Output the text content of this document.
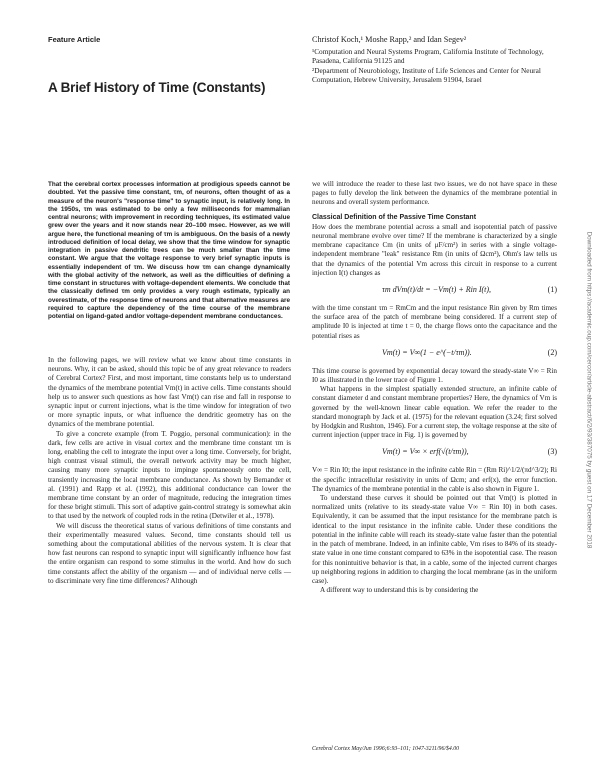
Feature Article
A Brief History of Time (Constants)
Christof Koch,¹ Moshe Rapp,² and Idan Segev²
¹Computation and Neural Systems Program, California Institute of Technology, Pasadena, California 91125 and
²Department of Neurobiology, Institute of Life Sciences and Center for Neural Computation, Hebrew University, Jerusalem 91904, Israel
That the cerebral cortex processes information at prodigious speeds cannot be doubted. Yet the passive time constant, τm, of neurons, often thought of as a measure of the neuron's "response time" to synaptic input, is relatively long. In the 1950s, τm was estimated to be only a few milliseconds for mammalian central neurons; with improvement in recording techniques, its estimated value grew over the years and it now stands near 20–100 msec. However, as we will argue here, the functional meaning of τm is ambiguous. On the basis of a newly introduced definition of local delay, we show that the time window for synaptic integration in passive dendritic trees can be much smaller than the time constant. We argue that the voltage response to very brief synaptic inputs is essentially independent of τm. We discuss how τm can change dynamically with the global activity of the network, as well as the difficulties of defining a time constant in structures with voltage-dependent elements. We conclude that the classically defined τm only provides a very rough estimate, typically an overestimate, of the response time of neurons and that alternative measures are required to capture the dependency of the time course of the membrane potential on ligand-gated and/or voltage-dependent membrane conductances.

In the following pages, we will review what we know about time constants in neurons. Why, it can be asked, should this topic be of any great relevance to readers of Cerebral Cortex? First, and most important, time constants help us to understand the dynamics of the membrane potential Vm(t) in active cells. Time constants should help us to answer such questions as how fast Vm(t) can rise and fall in response to synaptic input or current injections, what is the time window for integration of two or more synaptic inputs, or what influence the dendritic geometry has on the dynamics of the membrane potential.

To give a concrete example (from T. Poggio, personal communication): in the dark, few cells are active in visual cortex and the membrane time constant τm is long, enabling the cell to integrate the input over a long time. Conversely, for bright, high contrast visual stimuli, the overall network activity may be much higher, causing many more synaptic inputs to impinge spontaneously onto the cell, transiently increasing the local membrane conductance. As shown by Bernander et al. (1991) and Rapp et al. (1992), this additional conductance can lower the membrane time constant by an order of magnitude, reducing the integration times for these bright stimuli. This sort of adaptive gain-control strategy is somewhat akin to that used by the network of coupled rods in the retina (Detwiler et al., 1978).

We will discuss the theoretical status of various definitions of time constants and their experimentally measured values. Second, time constants should tell us something about the computational abilities of the nervous system. It is clear that how fast neurons can respond to synaptic input will significantly influence how fast the entire organism can respond to some stimulus in the world. And how do such time constants affect the ability of the organism — and of individual nerve cells — to discriminate very fine time differences? Although

we will introduce the reader to these last two issues, we do not have space in these pages to fully develop the link between the dynamics of the membrane potential in neurons and overall system performance.

Classical Definition of the Passive Time Constant

How does the membrane potential across a small and isopotential patch of passive neuronal membrane evolve over time? If the membrane is characterized by a single membrane capacitance Cm (in units of μF/cm²) in series with a single voltage-independent membrane "leak" resistance Rm (in units of Ωcm²), Ohm's law tells us that the dynamics of the potential Vm across this circuit in response to a current injection I(t) changes as

τm dVm(t)/dt = −Vm(t) + Rin I(t),	(1)

with the time constant τm = RmCm and the input resistance Rin given by Rm times the surface area of the patch of membrane being considered. If a current step of amplitude I0 is injected at time t = 0, the charge flows onto the capacitance and the potential rises as

Vm(t) = V∞(1 − e^(−t/τm)).	(2)

This time course is governed by exponential decay toward the steady-state V∞ = Rin I0 as illustrated in the lower trace of Figure 1.

What happens in the simplest spatially extended structure, an infinite cable of constant diameter d and constant membrane properties? Here, the dynamics of Vm is governed by the well-known linear cable equation. We refer the reader to the standard monograph by Jack et al. (1975) for the relevant equation (3.24; first solved by Hodgkin and Rushton, 1946). For a current step, the voltage response at the site of current injection (upper trace in Fig. 1) is governed by

Vm(t) = V∞ × erf(√(t/τm)),	(3)

V∞ = Rin I0; the input resistance in the infinite cable Rin = (Rm Ri)^1/2/(πd^3/2); Ri the specific intracellular resistivity in units of Ωcm; and erf(x), the error function. The dynamics of the membrane potential in the cable is also shown in Figure 1.

To understand these curves it should be pointed out that Vm(t) is plotted in normalized units (relative to its steady-state value V∞ = Rin I0) in both cases. Equivalently, it can be assumed that the input resistance for the membrane patch is identical to the input resistance in the infinite cable. Under these conditions the potential in the infinite cable will reach its steady-state value faster than the potential in the patch of membrane. Indeed, in an infinite cable, Vm rises to 84% of its steady-state value in one time constant compared to 63% in the isopotential case. The reason for this nonintuitive behavior is that, in a cable, some of the injected current charges up neighboring regions in addition to charging the local membrane (as in the uniform case).

A different way to understand this is by considering the

Downloaded from https://academic.oup.com/cercor/article-abstract/6/2/93/387075 by guest on 17 December 2018
Cerebral Cortex May/Jun 1996;6:93–101; 1047-3211/96/$4.00
